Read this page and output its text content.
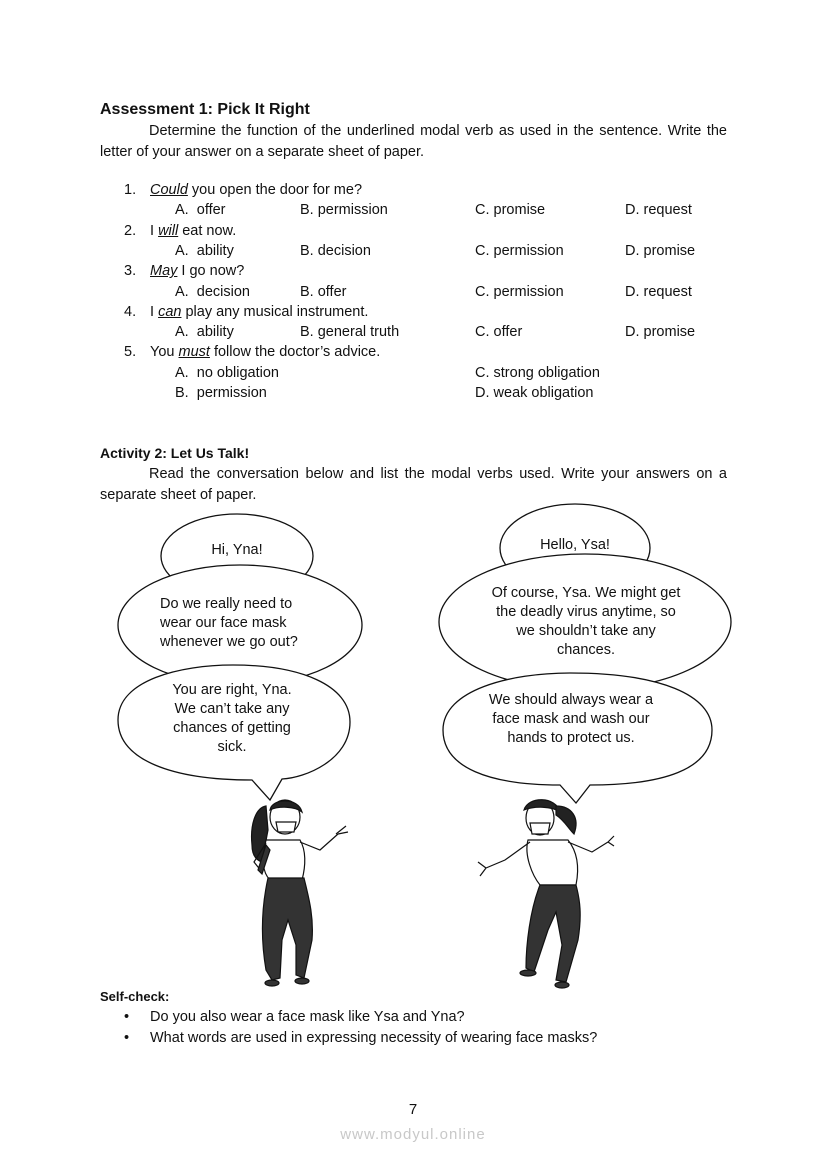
Assessment 1: Pick It Right
Determine the function of the underlined modal verb as used in the sentence. Write the letter of your answer on a separate sheet of paper.
1. Could you open the door for me?
A.  offer	B. permission	C. promise	D. request
2. I will eat now.
A.  ability	B. decision	C. permission	D. promise
3. May I go now?
A.  decision	B. offer	C. permission	D. request
4. I can play any musical instrument.
A.  ability	B. general truth	C. offer	D. promise
5. You must follow the doctor’s advice.
A.  no obligation	C. strong obligation
B.  permission	D. weak obligation
Activity 2: Let Us Talk!
Read the conversation below and list the modal verbs used. Write your answers on a separate sheet of paper.
Hi, Yna!
Do we really need to wear our face mask whenever we go out?
You are right, Yna. We can’t take any chances of getting sick.
Hello, Ysa!
Of course, Ysa. We might get the deadly virus anytime, so we shouldn’t take any chances.
We should always wear a face mask and wash our hands to protect us.
Self-check:
• Do you also wear a face mask like Ysa and Yna?
• What words are used in expressing necessity of wearing face masks?
7
www.modyul.online
